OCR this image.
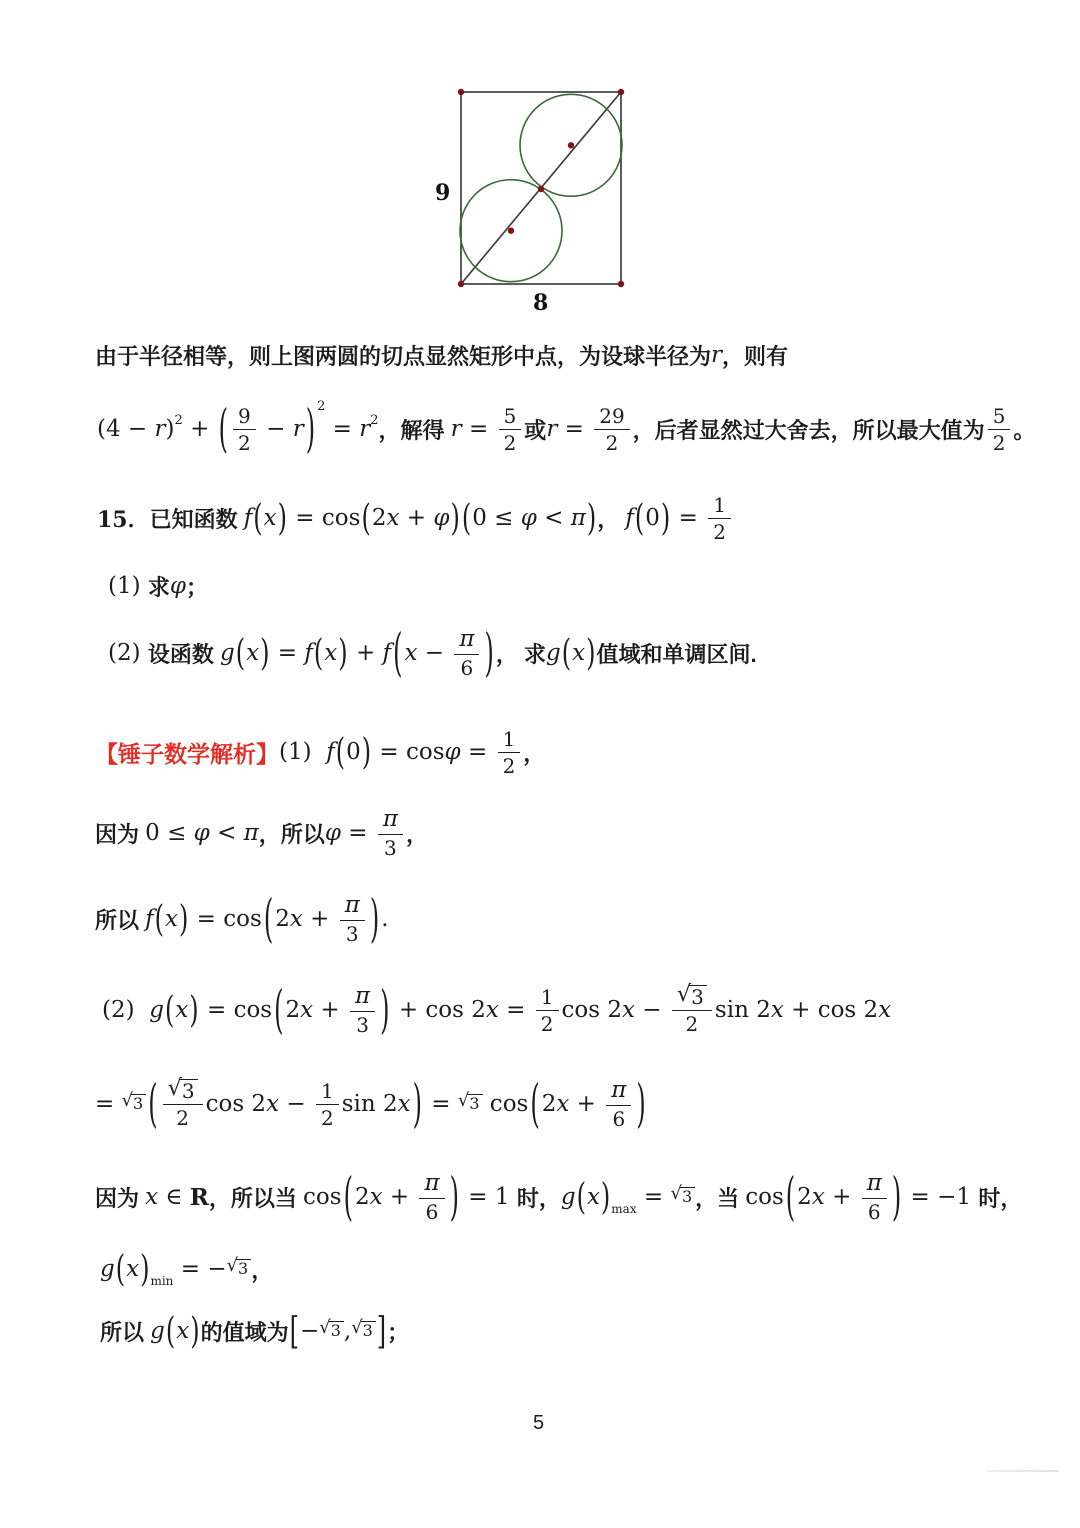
9
8
由于半径相等，则上图两圆的切点显然矩形中点，为设球半径为 r ，则有
(4 − r ) 2 + ( $\frac{9}{2} - r$ ) 2
= r 2 ，解得 $r = \frac{5}{2}$ 或 $r = \frac{29}{2}$ ，后者显然过大舍去，所以最大值为 $\frac{5}{2}$ 。
15． 已知函数 f ( x ) = cos ( 2 x + φ ) ( 0 ≤ φ < π ) ， f ( 0 ) = $\frac{1}{2}$
(1) 求 φ ；
(2) 设函数 g ( x ) = f ( x ) + f ( $x - \frac{\pi}{6}$ ) ， 求 g ( x ) 值域和单调区间.
【锤子数学解析】 (1) f ( 0 ) = $\cos \varphi = \frac{1}{2}$ ，
因为 0 ≤ φ < π ，所以 $\varphi = \frac{\pi}{3}$ ，
所以 f ( x ) = cos ( 2 $x + \frac{\pi}{3}$ ) .
(2) g ( x ) = cos ( 2 $x + \frac{\pi}{3}$ ) + cos 2 $x = \frac{1}{2}$ cos 2 $x - \frac{√ 3}{2}$ sin 2 x + cos 2 x
= √ 3 ( $\frac{√ 3}{2}$ cos 2 $x - \frac{1}{2}$ sin 2 x ) = √ 3 cos ( 2 $x + \frac{\pi}{6}$ )
因为 x ∈ R ，所以当 cos ( 2 $x + \frac{\pi}{6}$ ) = 1 时， g ( x ) max = √ 3 ，当 cos ( 2 $x + \frac{\pi}{6}$ ) = −1 时，
g ( x ) min = − √ 3 ，
所以 g ( x ) 的值域为 [ − √ 3 , √ 3 ] ；
5
